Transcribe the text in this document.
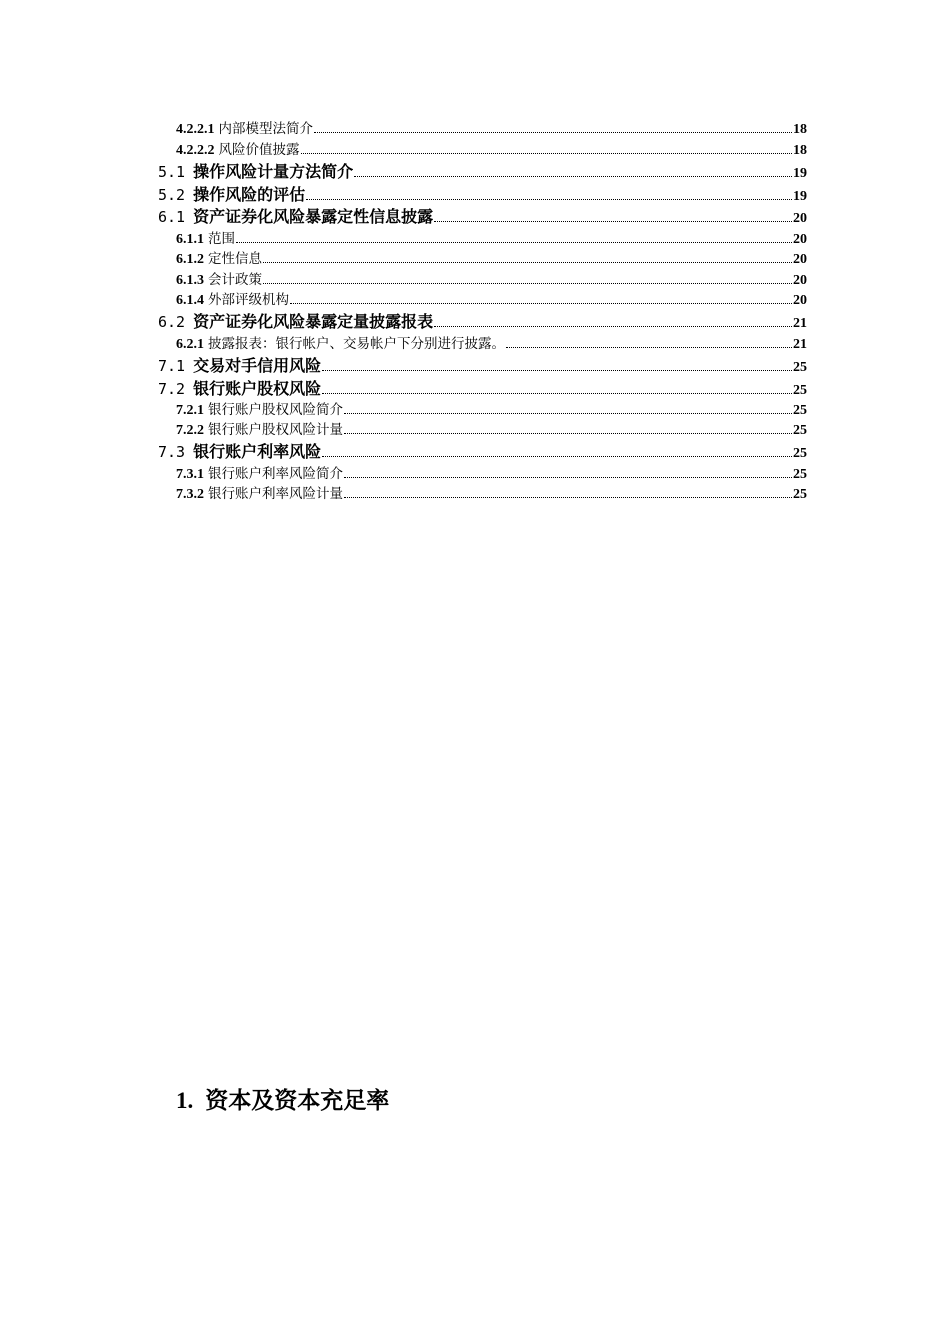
4.2.2.1 内部模型法简介	18
4.2.2.2 风险价值披露	18
5.1 操作风险计量方法简介	19
5.2 操作风险的评估	19
6.1 资产证券化风险暴露定性信息披露	20
6.1.1 范围	20
6.1.2 定性信息	20
6.1.3 会计政策	20
6.1.4 外部评级机构	20
6.2 资产证券化风险暴露定量披露报表	21
6.2.1 披露报表：银行帐户、交易帐户下分别进行披露。	21
7.1 交易对手信用风险	25
7.2 银行账户股权风险	25
7.2.1 银行账户股权风险简介	25
7.2.2 银行账户股权风险计量	25
7.3 银行账户利率风险	25
7.3.1 银行账户利率风险简介	25
7.3.2 银行账户利率风险计量	25
1. 资本及资本充足率
